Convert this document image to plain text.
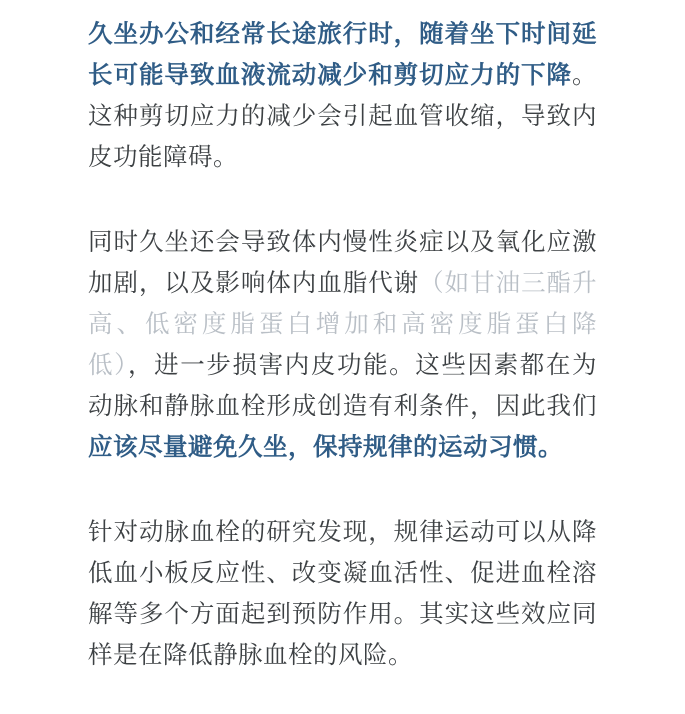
久坐办公和经常长途旅行时，随着坐下时间延长可能导致血液流动减少和剪切应力的下降。这种剪切应力的减少会引起血管收缩，导致内皮功能障碍。

同时久坐还会导致体内慢性炎症以及氧化应激加剧，以及影响体内血脂代谢（如甘油三酯升高、低密度脂蛋白增加和高密度脂蛋白降低），进一步损害内皮功能。这些因素都在为动脉和静脉血栓形成创造有利条件，因此我们应该尽量避免久坐，保持规律的运动习惯。

针对动脉血栓的研究发现，规律运动可以从降低血小板反应性、改变凝血活性、促进血栓溶解等多个方面起到预防作用。其实这些效应同样是在降低静脉血栓的风险。
